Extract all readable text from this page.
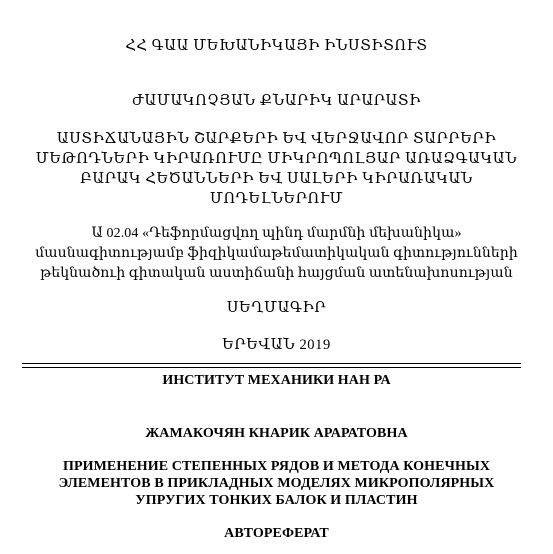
ՀՀ ԳԱԱ ՄԵԽԱՆԻԿԱՅԻ ԻՆՍՏԻՏՈՒՏ
ԺԱՄԱԿՈՉՅԱՆ ՔՆԱՐԻԿ ԱՐԱՐԱՏԻ
ԱՍՏԻՃԱՆԱՅԻՆ ՇԱՐՔԵՐԻ ԵՎ ՎԵՐՋԱՎՈՐ ՏԱՐՐԵՐԻ
ՄԵԹՈԴՆԵՐԻ ԿԻՐԱՌՈՒՄԸ ՄԻԿՐՈՊՈԼՅԱՐ ԱՌԱՁԳԱԿԱՆ
ԲԱՐԱԿ ՀԵԾԱՆՆԵՐԻ ԵՎ ՍԱԼԵՐԻ ԿԻՐԱՌԱԿԱՆ
ՄՈԴԵԼՆԵՐՈՒՄ
Ա 02.04 «Դեֆորմացվող պինդ մարմնի մեխանիկա»
մասնագիտությամբ ֆիզիկամաթեմատիկական գիտությունների
թեկնածուի գիտական աստիճանի հայցման ատենախոսության
ՍԵՂՄԱԳԻՐ
ԵՐԵՎԱՆ 2019
ИНСТИТУТ МЕХАНИКИ НАН РА
ЖАМАКОЧЯН КНАРИК АРАРАТОВНА
ПРИМЕНЕНИЕ СТЕПЕННЫХ РЯДОВ И МЕТОДА КОНЕЧНЫХ
ЭЛЕМЕНТОВ В ПРИКЛАДНЫХ МОДЕЛЯХ МИКРОПОЛЯРНЫХ
УПРУГИХ ТОНКИХ БАЛОК И ПЛАСТИН
АВТОРЕФЕРАТ
